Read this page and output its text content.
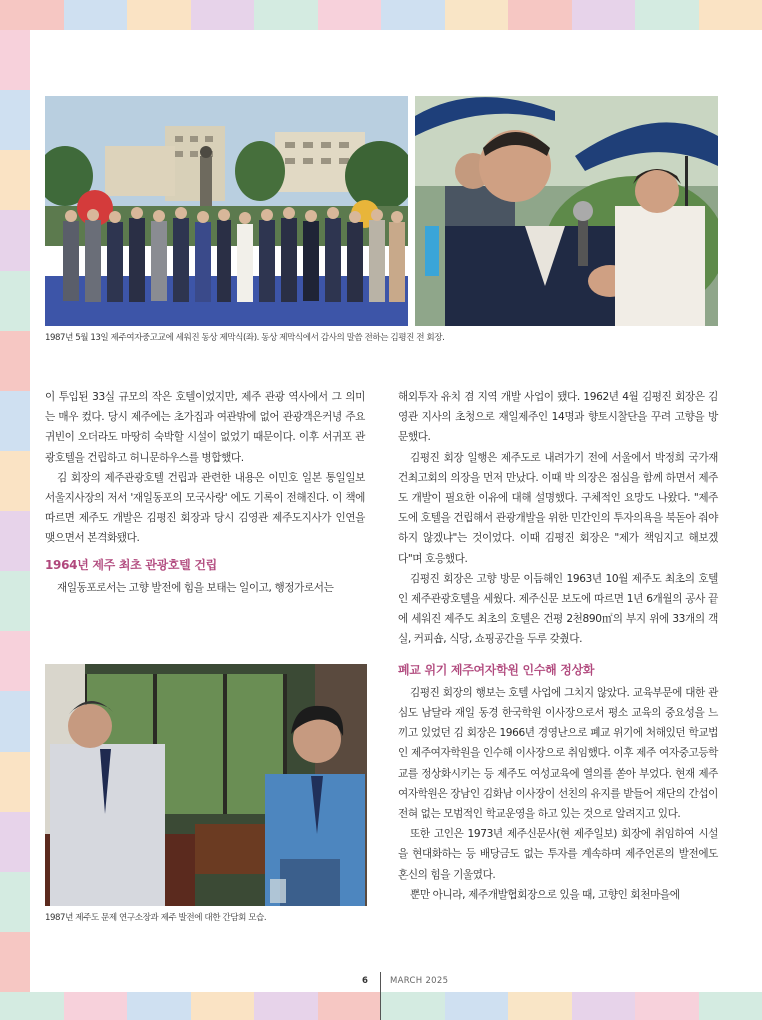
1987년 5월 13일 제주여자중고교에 세워진 동상 제막식(좌). 동상 제막식에서 감사의 말씀 전하는 김평진 전 회장.

이 투입된 33실 규모의 작은 호텔이었지만, 제주 관광 역사에서 그 의미는 매우 컸다. 당시 제주에는 초가집과 여관밖에 없어 관광객은커녕 주요 귀빈이 오더라도 마땅히 숙박할 시설이 없었기 때문이다. 이후 서귀포 관광호텔을 건립하고 허니문하우스를 병합했다.

김 회장의 제주관광호텔 건립과 관련한 내용은 이민호 일본 통일일보 서울지사장의 저서 '재일동포의 모국사랑' 에도 기록이 전해진다. 이 책에 따르면 제주도 개발은 김평진 회장과 당시 김영관 제주도지사가 인연을 맺으면서 본격화됐다.

1964년 제주 최초 관광호텔 건립

재일동포로서는 고향 발전에 힘을 보태는 일이고, 행정가로서는

1987년 제주도 문제 연구소장과 제주 발전에 대한 간담회 모습.

해외투자 유치 겸 지역 개발 사업이 됐다. 1962년 4월 김평진 회장은 김영관 지사의 초청으로 재일제주인 14명과 향토시찰단을 꾸려 고향을 방문했다.

김평진 회장 일행은 제주도로 내려가기 전에 서울에서 박정희 국가재건최고회의 의장을 먼저 만났다. 이때 박 의장은 점심을 함께 하면서 제주도 개발이 필요한 이유에 대해 설명했다. 구체적인 요망도 나왔다. "제주도에 호텔을 건립해서 관광개발을 위한 민간인의 투자의욕을 북돋아 줘야 하지 않겠냐"는 것이었다. 이때 김평진 회장은 "제가 책임지고 해보겠다"며 호응했다.

김평진 회장은 고향 방문 이듬해인 1963년 10월 제주도 최초의 호텔인 제주관광호텔을 세웠다. 제주신문 보도에 따르면 1년 6개월의 공사 끝에 세워진 제주도 최초의 호텔은 건평 2천890㎡의 부지 위에 33개의 객실, 커피숍, 식당, 쇼핑공간을 두루 갖췄다.

폐교 위기 제주여자학원 인수해 정상화

김평진 회장의 행보는 호텔 사업에 그치지 않았다. 교육부문에 대한 관심도 남달라 재일 동경 한국학원 이사장으로서 평소 교육의 중요성을 느끼고 있었던 김 회장은 1966년 경영난으로 폐교 위기에 처해있던 학교법인 제주여자학원을 인수해 이사장으로 취임했다. 이후 제주 여자중고등학교를 정상화시키는 등 제주도 여성교육에 열의를 쏟아 부었다. 현재 제주여자학원은 장남인 김화남 이사장이 선친의 유지를 받들어 재단의 간섭이 전혀 없는 모범적인 학교운영을 하고 있는 것으로 알려지고 있다.

또한 고인은 1973년 제주신문사(현 제주일보) 회장에 취임하여 시설을 현대화하는 등 배당금도 없는 투자를 계속하며 제주언론의 발전에도 혼신의 힘을 기울였다.

뿐만 아니라, 제주개발협회장으로 있을 때, 고향인 회천마을에

6	MARCH 2025
